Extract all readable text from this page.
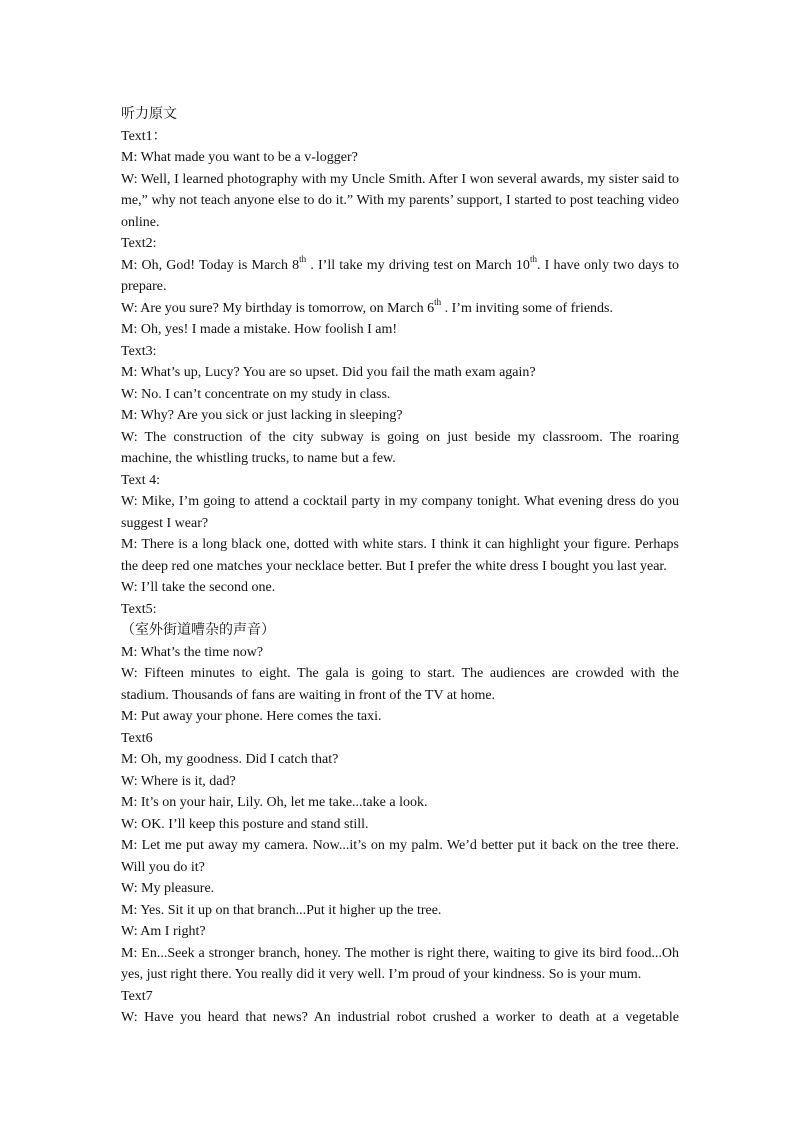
听力原文
Text1：
M: What made you want to be a v-logger?
W: Well, I learned photography with my Uncle Smith. After I won several awards, my sister said to me,” why not teach anyone else to do it.” With my parents’ support, I started to post teaching video online.
Text2:
M: Oh, God! Today is March 8th . I’ll take my driving test on March 10th. I have only two days to prepare.
W: Are you sure? My birthday is tomorrow, on March 6th . I’m inviting some of friends.
M: Oh, yes! I made a mistake. How foolish I am!
Text3:
M: What’s up, Lucy? You are so upset. Did you fail the math exam again?
W: No. I can’t concentrate on my study in class.
M: Why? Are you sick or just lacking in sleeping?
W: The construction of the city subway is going on just beside my classroom. The roaring machine, the whistling trucks, to name but a few.
Text 4:
W: Mike, I’m going to attend a cocktail party in my company tonight. What evening dress do you suggest I wear?
M: There is a long black one, dotted with white stars. I think it can highlight your figure. Perhaps the deep red one matches your necklace better. But I prefer the white dress I bought you last year.
W: I’ll take the second one.
Text5:
（室外街道嘈杂的声音）
M: What’s the time now?
W: Fifteen minutes to eight. The gala is going to start. The audiences are crowded with the stadium. Thousands of fans are waiting in front of the TV at home.
M: Put away your phone. Here comes the taxi.
Text6
M: Oh, my goodness. Did I catch that?
W: Where is it, dad?
M: It’s on your hair, Lily. Oh, let me take...take a look.
W: OK. I’ll keep this posture and stand still.
M: Let me put away my camera. Now...it’s on my palm. We’d better put it back on the tree there. Will you do it?
W: My pleasure.
M: Yes. Sit it up on that branch...Put it higher up the tree.
W: Am I right?
M: En...Seek a stronger branch, honey. The mother is right there, waiting to give its bird food...Oh yes, just right there. You really did it very well. I’m proud of your kindness. So is your mum.
Text7
W: Have you heard that news? An industrial robot crushed a worker to death at a vegetable
